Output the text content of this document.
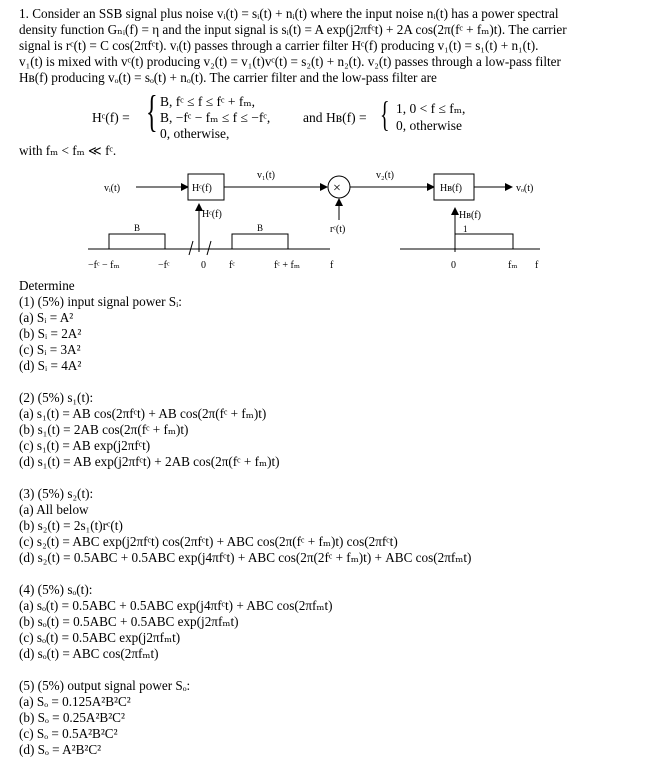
1. Consider an SSB signal plus noise vᵢ(t) = sᵢ(t) + nᵢ(t) where the input noise nᵢ(t) has a power spectral
density function Gₙᵢ(f) = η and the input signal is sᵢ(t) = A exp(j2πfᶜt) + 2A cos(2π(fᶜ + fₘ)t). The carrier
signal is rᶜ(t) = C cos(2πfᶜt). vᵢ(t) passes through a carrier filter Hᶜ(f) producing v₁(t) = s₁(t) + n₁(t).
v₁(t) is mixed with vᶜ(t) producing v₂(t) = v₁(t)vᶜ(t) = s₂(t) + n₂(t). v₂(t) passes through a low-pass filter
Hʙ(f) producing vₒ(t) = sₒ(t) + nₒ(t). The carrier filter and the low-pass filter are
Hᶜ(f) = { B, fᶜ ≤ f ≤ fᶜ + fₘ,
B, −fᶜ − fₘ ≤ f ≤ −fᶜ,
0, otherwise,
and Hʙ(f) = { 1, 0 < f ≤ fₘ,
0, otherwise
with fₘ < fₘ ≪ fᶜ.
vᵢ(t)	Hᶜ(f)
v₁(t)
×
rᶜ(t)
v₂(t)
Hʙ(f)	vₒ(t)
Hᶜ(f)
B	B
−fᶜ − fₘ	−fᶜ	0 fᶜ	fᶜ + fₘ	f
Hʙ(f)
1
0	fₘ f
Determine
(1) (5%) input signal power Sᵢ:
(a) Sᵢ = A²
(b) Sᵢ = 2A²
(c) Sᵢ = 3A²
(d) Sᵢ = 4A²
(2) (5%) s₁(t):
(a) s₁(t) = AB cos(2πfᶜt) + AB cos(2π(fᶜ + fₘ)t)
(b) s₁(t) = 2AB cos(2π(fᶜ + fₘ)t)
(c) s₁(t) = AB exp(j2πfᶜt)
(d) s₁(t) = AB exp(j2πfᶜt) + 2AB cos(2π(fᶜ + fₘ)t)
(3) (5%) s₂(t):
(a) All below
(b) s₂(t) = 2s₁(t)rᶜ(t)
(c) s₂(t) = ABC exp(j2πfᶜt) cos(2πfᶜt) + ABC cos(2π(fᶜ + fₘ)t) cos(2πfᶜt)
(d) s₂(t) = 0.5ABC + 0.5ABC exp(j4πfᶜt) + ABC cos(2π(2fᶜ + fₘ)t) + ABC cos(2πfₘt)
(4) (5%) sₒ(t):
(a) sₒ(t) = 0.5ABC + 0.5ABC exp(j4πfᶜt) + ABC cos(2πfₘt)
(b) sₒ(t) = 0.5ABC + 0.5ABC exp(j2πfₘt)
(c) sₒ(t) = 0.5ABC exp(j2πfₘt)
(d) sₒ(t) = ABC cos(2πfₘt)
(5) (5%) output signal power Sₒ:
(a) Sₒ = 0.125A²B²C²
(b) Sₒ = 0.25A²B²C²
(c) Sₒ = 0.5A²B²C²
(d) Sₒ = A²B²C²
